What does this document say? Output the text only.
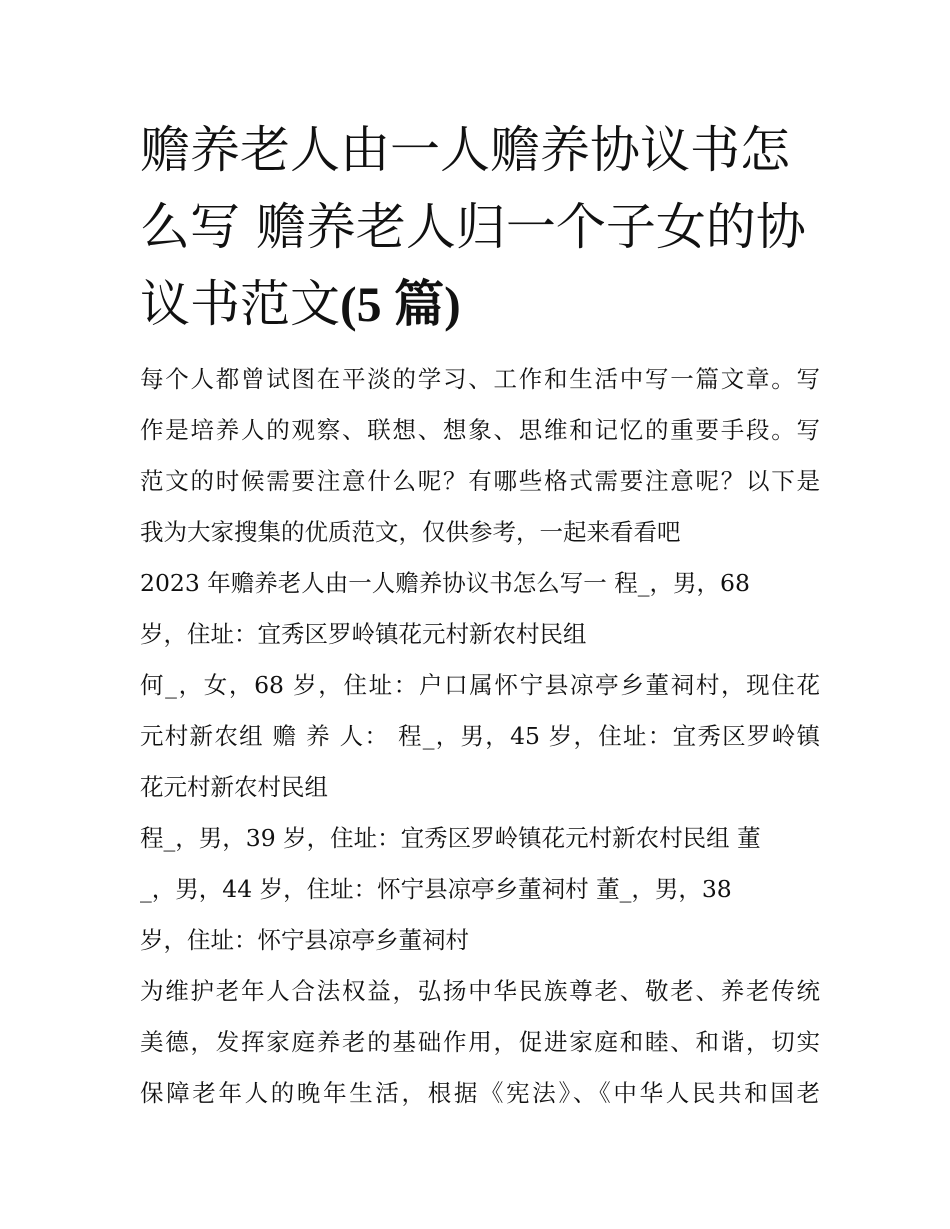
赡养老人由一人赡养协议书怎
么写 赡养老人归一个子女的协
议书范文(5 篇)
每个人都曾试图在平淡的学习、工作和生活中写一篇文章。写
作是培养人的观察、联想、想象、思维和记忆的重要手段。写
范文的时候需要注意什么呢？有哪些格式需要注意呢？以下是
我为大家搜集的优质范文，仅供参考，一起来看看吧
2023 年赡养老人由一人赡养协议书怎么写一 程_，男，68
岁，住址：宜秀区罗岭镇花元村新农村民组
何_，女，68 岁，住址：户口属怀宁县凉亭乡董祠村，现住花
元村新农组 赡 养 人： 程_，男，45 岁，住址：宜秀区罗岭镇
花元村新农村民组
程_，男，39 岁，住址：宜秀区罗岭镇花元村新农村民组 董
_，男，44 岁，住址：怀宁县凉亭乡董祠村 董_，男，38
岁，住址：怀宁县凉亭乡董祠村
为维护老年人合法权益，弘扬中华民族尊老、敬老、养老传统
美德，发挥家庭养老的基础作用，促进家庭和睦、和谐，切实
保障老年人的晚年生活，根据《宪法》、《中华人民共和国老
